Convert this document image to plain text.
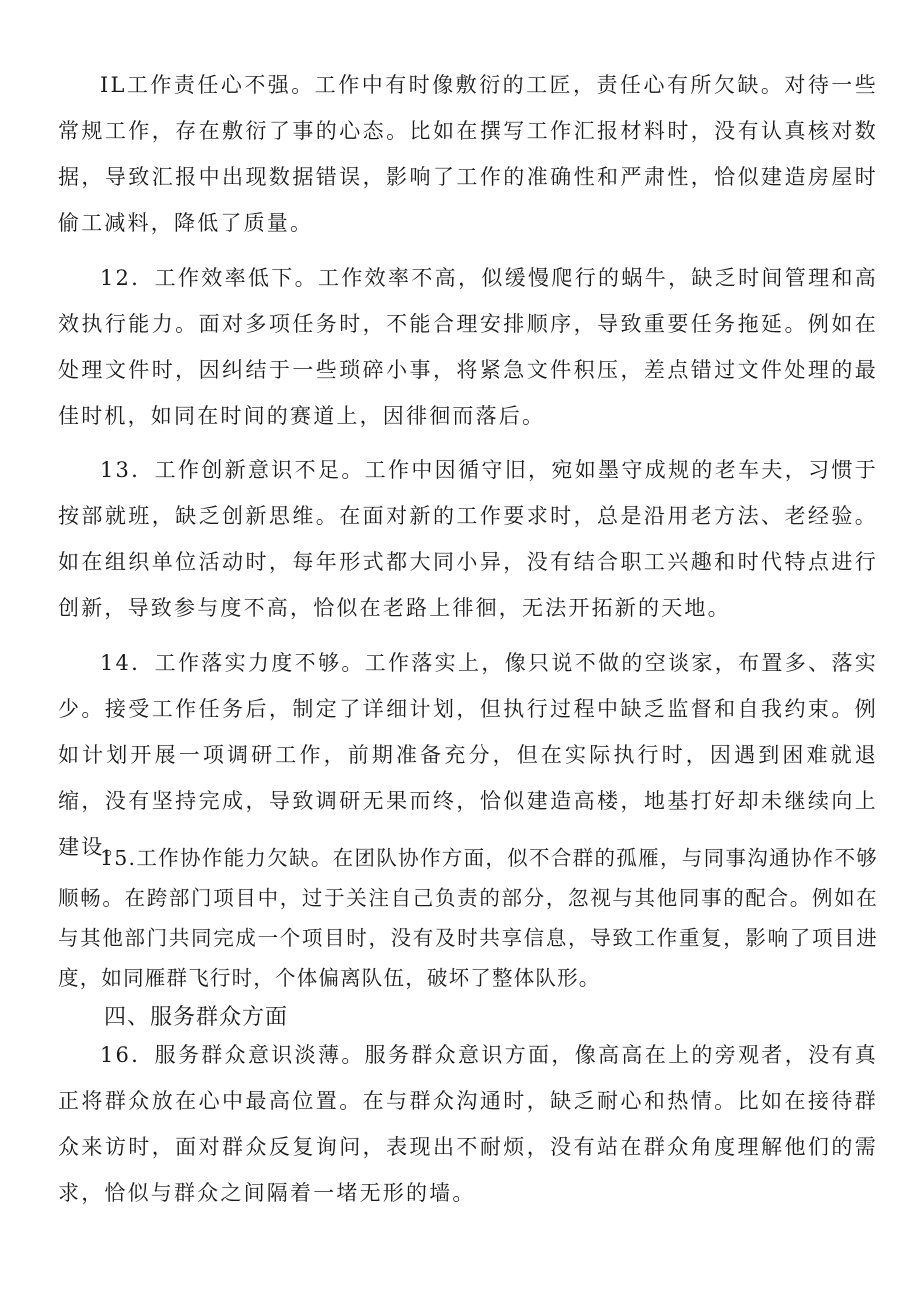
IL工作责任心不强。工作中有时像敷衍的工匠，责任心有所欠缺。对待一些常规工作，存在敷衍了事的心态。比如在撰写工作汇报材料时，没有认真核对数据，导致汇报中出现数据错误，影响了工作的准确性和严肃性，恰似建造房屋时偷工减料，降低了质量。

12．工作效率低下。工作效率不高，似缓慢爬行的蜗牛，缺乏时间管理和高效执行能力。面对多项任务时，不能合理安排顺序，导致重要任务拖延。例如在处理文件时，因纠结于一些琐碎小事，将紧急文件积压，差点错过文件处理的最佳时机，如同在时间的赛道上，因徘徊而落后。

13．工作创新意识不足。工作中因循守旧，宛如墨守成规的老车夫，习惯于按部就班，缺乏创新思维。在面对新的工作要求时，总是沿用老方法、老经验。如在组织单位活动时，每年形式都大同小异，没有结合职工兴趣和时代特点进行创新，导致参与度不高，恰似在老路上徘徊，无法开拓新的天地。

14．工作落实力度不够。工作落实上，像只说不做的空谈家，布置多、落实少。接受工作任务后，制定了详细计划，但执行过程中缺乏监督和自我约束。例如计划开展一项调研工作，前期准备充分，但在实际执行时，因遇到困难就退缩，没有坚持完成，导致调研无果而终，恰似建造高楼，地基打好却未继续向上建设。

15.工作协作能力欠缺。在团队协作方面，似不合群的孤雁，与同事沟通协作不够顺畅。在跨部门项目中，过于关注自己负责的部分，忽视与其他同事的配合。例如在与其他部门共同完成一个项目时，没有及时共享信息，导致工作重复，影响了项目进度，如同雁群飞行时，个体偏离队伍，破坏了整体队形。

四、服务群众方面

16．服务群众意识淡薄。服务群众意识方面，像高高在上的旁观者，没有真正将群众放在心中最高位置。在与群众沟通时，缺乏耐心和热情。比如在接待群众来访时，面对群众反复询问，表现出不耐烦，没有站在群众角度理解他们的需求，恰似与群众之间隔着一堵无形的墙。
